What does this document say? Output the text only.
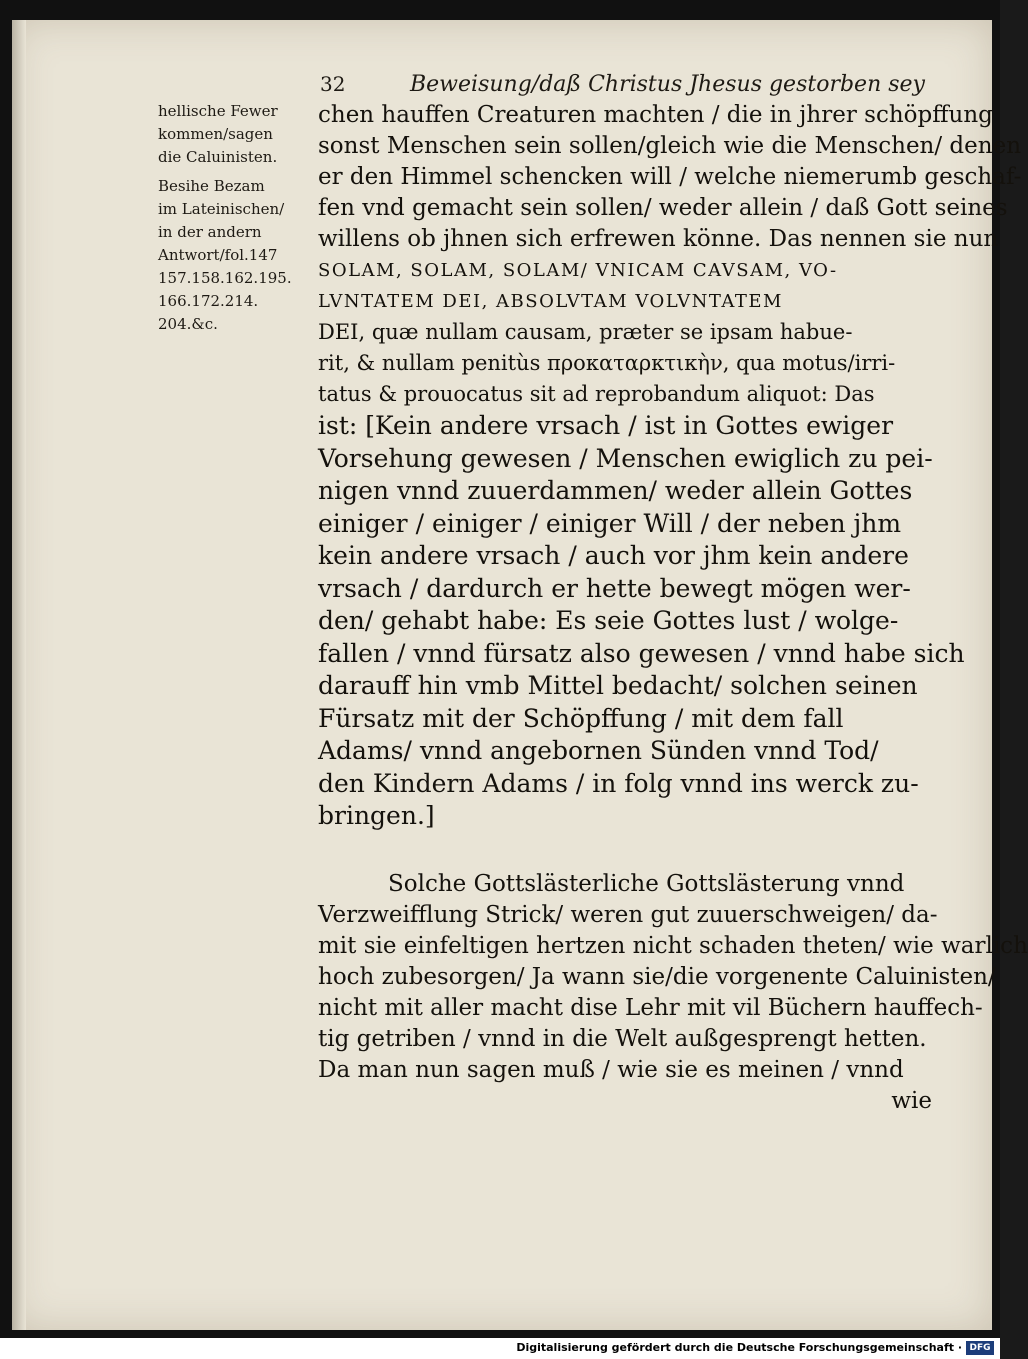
32	Beweisung/daß Christus Jhesus gestorben sey
hellische Fewer
kommen/sagen
die Caluinisten.
Besihe Bezam
im Lateinischen/
in der andern
Antwort/fol.147
157.158.162.195.
166.172.214.
204.&c.
chen hauffen Creaturen machten / die in jhrer schöpffung
sonst Menschen sein sollen/gleich wie die Menschen/ denen
er den Himmel schencken will / welche niemerumb geschaf-
fen vnd gemacht sein sollen/ weder allein / daß Gott seines
willens ob jhnen sich erfrewen könne. Das nennen sie nun
SOLAM, SOLAM, SOLAM/ VNICAM CAVSAM, VO-
LVNTATEM DEI, ABSOLVTAM VOLVNTATEM
DEI, quæ nullam causam, præter se ipsam habue-
rit, & nullam penitùs προκαταρκτικὴν, qua motus/irri-
tatus & prouocatus sit ad reprobandum aliquot: Das
ist: [Kein andere vrsach / ist in Gottes ewiger
Vorsehung gewesen / Menschen ewiglich zu pei-
nigen vnnd zuuerdammen/ weder allein Gottes
einiger / einiger / einiger Will / der neben jhm
kein andere vrsach / auch vor jhm kein andere
vrsach / dardurch er hette bewegt mögen wer-
den/ gehabt habe: Es seie Gottes lust / wolge-
fallen / vnnd fürsatz also gewesen / vnnd habe sich
darauff hin vmb Mittel bedacht/ solchen seinen
Fürsatz mit der Schöpffung / mit dem fall
Adams/ vnnd angebornen Sünden vnnd Tod/
den Kindern Adams / in folg vnnd ins werck zu-
bringen.]
Solche Gottslästerliche Gottslästerung vnnd
Verzweifflung Strick/ weren gut zuuerschweigen/ da-
mit sie einfeltigen hertzen nicht schaden theten/ wie warlich
hoch zubesorgen/ Ja wann sie/die vorgenente Caluinisten/
nicht mit aller macht dise Lehr mit vil Büchern hauffech-
tig getriben / vnnd in die Welt außgesprengt hetten.
Da man nun sagen muß / wie sie es meinen / vnnd
wie
Digitalisierung gefördert durch die Deutsche Forschungsgemeinschaft · DFG
